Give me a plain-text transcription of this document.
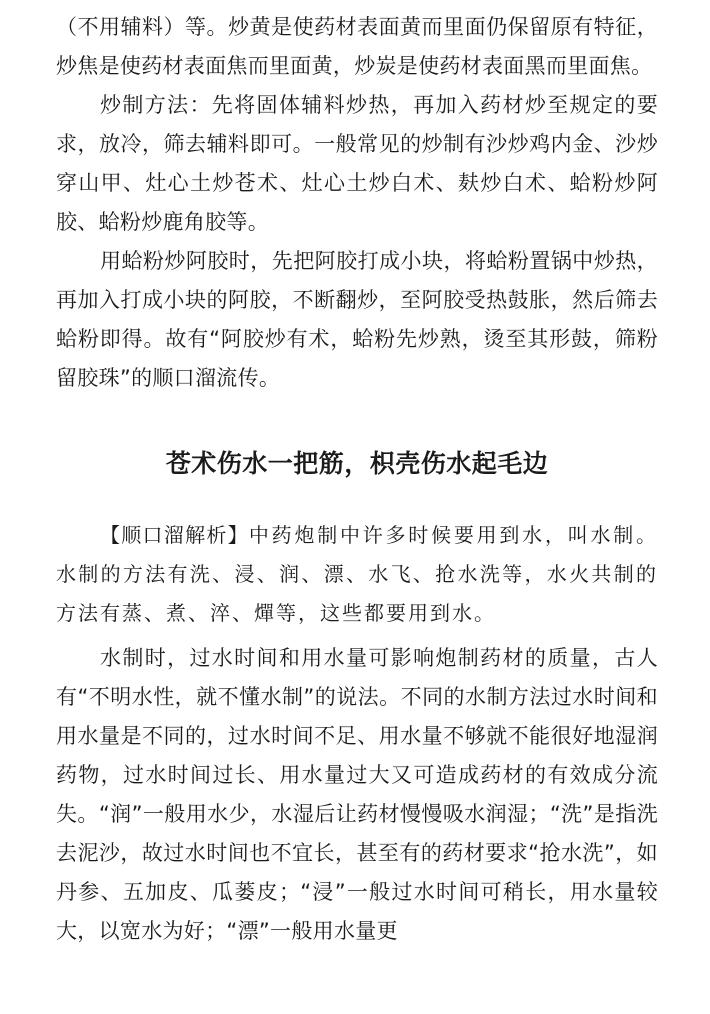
（不用辅料）等。炒黄是使药材表面黄而里面仍保留原有特征，炒焦是使药材表面焦而里面黄，炒炭是使药材表面黑而里面焦。

炒制方法：先将固体辅料炒热，再加入药材炒至规定的要求，放冷，筛去辅料即可。一般常见的炒制有沙炒鸡内金、沙炒穿山甲、灶心土炒苍术、灶心土炒白术、麸炒白术、蛤粉炒阿胶、蛤粉炒鹿角胶等。

用蛤粉炒阿胶时，先把阿胶打成小块，将蛤粉置锅中炒热，再加入打成小块的阿胶，不断翻炒，至阿胶受热鼓胀，然后筛去蛤粉即得。故有“阿胶炒有术，蛤粉先炒熟，烫至其形鼓，筛粉留胶珠”的顺口溜流传。

苍术伤水一把筋，枳壳伤水起毛边

【顺口溜解析】中药炮制中许多时候要用到水，叫水制。水制的方法有洗、浸、润、漂、水飞、抢水洗等，水火共制的方法有蒸、煮、淬、燀等，这些都要用到水。

水制时，过水时间和用水量可影响炮制药材的质量，古人有“不明水性，就不懂水制”的说法。不同的水制方法过水时间和用水量是不同的，过水时间不足、用水量不够就不能很好地湿润药物，过水时间过长、用水量过大又可造成药材的有效成分流失。“润”一般用水少，水湿后让药材慢慢吸水润湿；“洗”是指洗去泥沙，故过水时间也不宜长，甚至有的药材要求“抢水洗”，如丹参、五加皮、瓜蒌皮；“浸”一般过水时间可稍长，用水量较大，以宽水为好；“漂”一般用水量更
